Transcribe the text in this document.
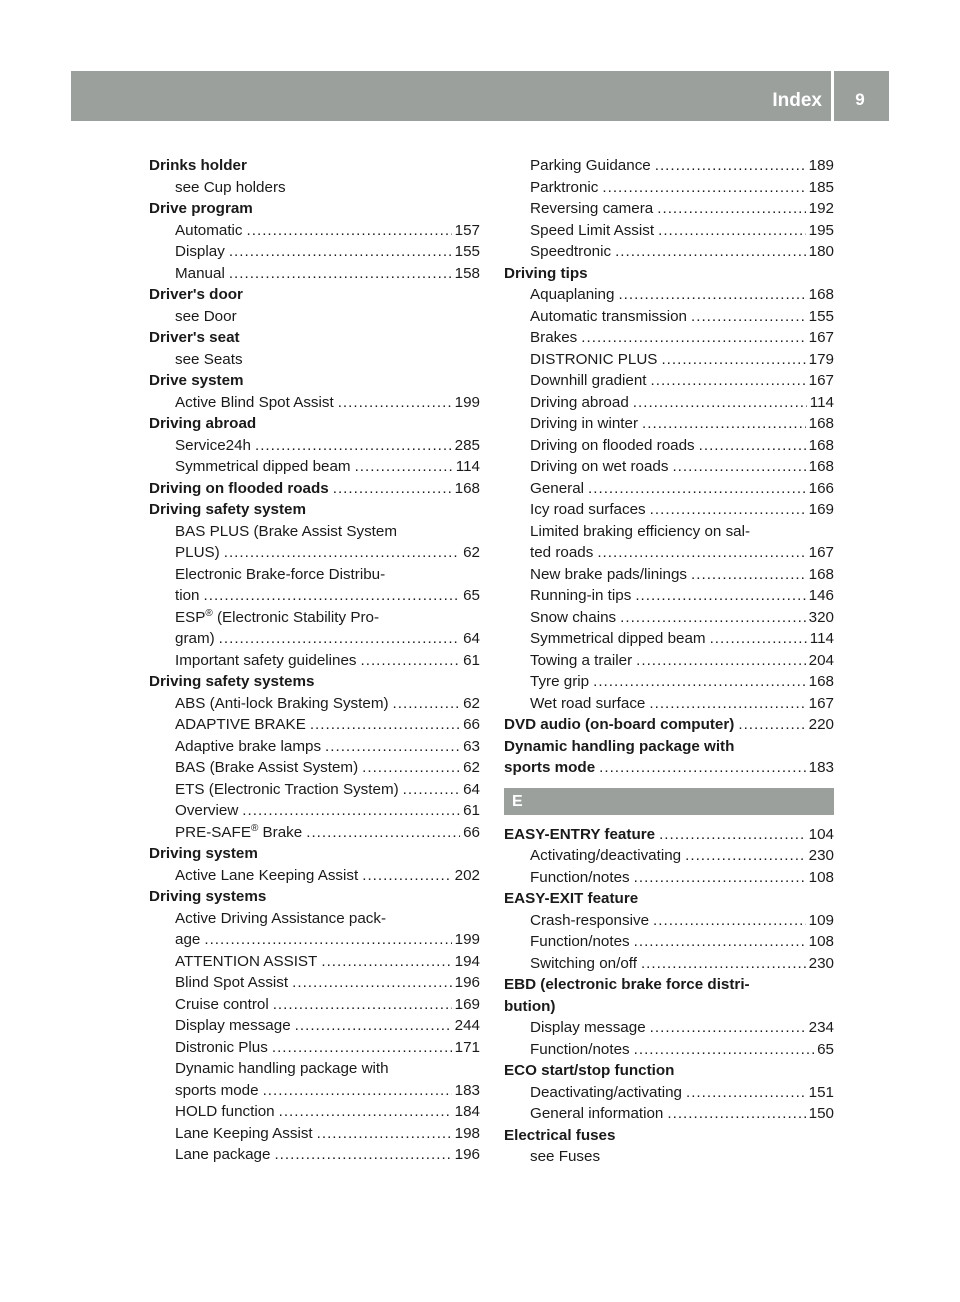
Index	9
Drinks holder
see Cup holders
Drive program
Automatic .....	157
Display .....	155
Manual .....	158
Driver's door
see Door
Driver's seat
see Seats
Drive system
Active Blind Spot Assist .....	199
Driving abroad
Service24h .....	285
Symmetrical dipped beam .....	114
Driving on flooded roads .....	168
Driving safety system
BAS PLUS (Brake Assist System
PLUS) .....	62
Electronic Brake-force Distribu-
tion .....	65
ESP® (Electronic Stability Pro-
gram) .....	64
Important safety guidelines .....	61
Driving safety systems
ABS (Anti-lock Braking System) .....	62
ADAPTIVE BRAKE .....	66
Adaptive brake lamps .....	63
BAS (Brake Assist System) .....	62
ETS (Electronic Traction System) .....	64
Overview .....	61
PRE-SAFE® Brake .....	66
Driving system
Active Lane Keeping Assist .....	202
Driving systems
Active Driving Assistance pack-
age .....	199
ATTENTION ASSIST .....	194
Blind Spot Assist .....	196
Cruise control .....	169
Display message .....	244
Distronic Plus .....	171
Dynamic handling package with
sports mode .....	183
HOLD function .....	184
Lane Keeping Assist .....	198
Lane package .....	196
Parking Guidance .....	189
Parktronic .....	185
Reversing camera .....	192
Speed Limit Assist .....	195
Speedtronic .....	180
Driving tips
Aquaplaning .....	168
Automatic transmission .....	155
Brakes .....	167
DISTRONIC PLUS .....	179
Downhill gradient .....	167
Driving abroad .....	114
Driving in winter .....	168
Driving on flooded roads .....	168
Driving on wet roads .....	168
General .....	166
Icy road surfaces .....	169
Limited braking efficiency on sal-
ted roads .....	167
New brake pads/linings .....	168
Running-in tips .....	146
Snow chains .....	320
Symmetrical dipped beam .....	114
Towing a trailer .....	204
Tyre grip .....	168
Wet road surface .....	167
DVD audio (on-board computer) .....	220
Dynamic handling package with
sports mode .....	183
E
EASY-ENTRY feature .....	104
Activating/deactivating .....	230
Function/notes .....	108
EASY-EXIT feature
Crash-responsive .....	109
Function/notes .....	108
Switching on/off .....	230
EBD (electronic brake force distri-
bution)
Display message .....	234
Function/notes .....	65
ECO start/stop function
Deactivating/activating .....	151
General information .....	150
Electrical fuses
see Fuses
